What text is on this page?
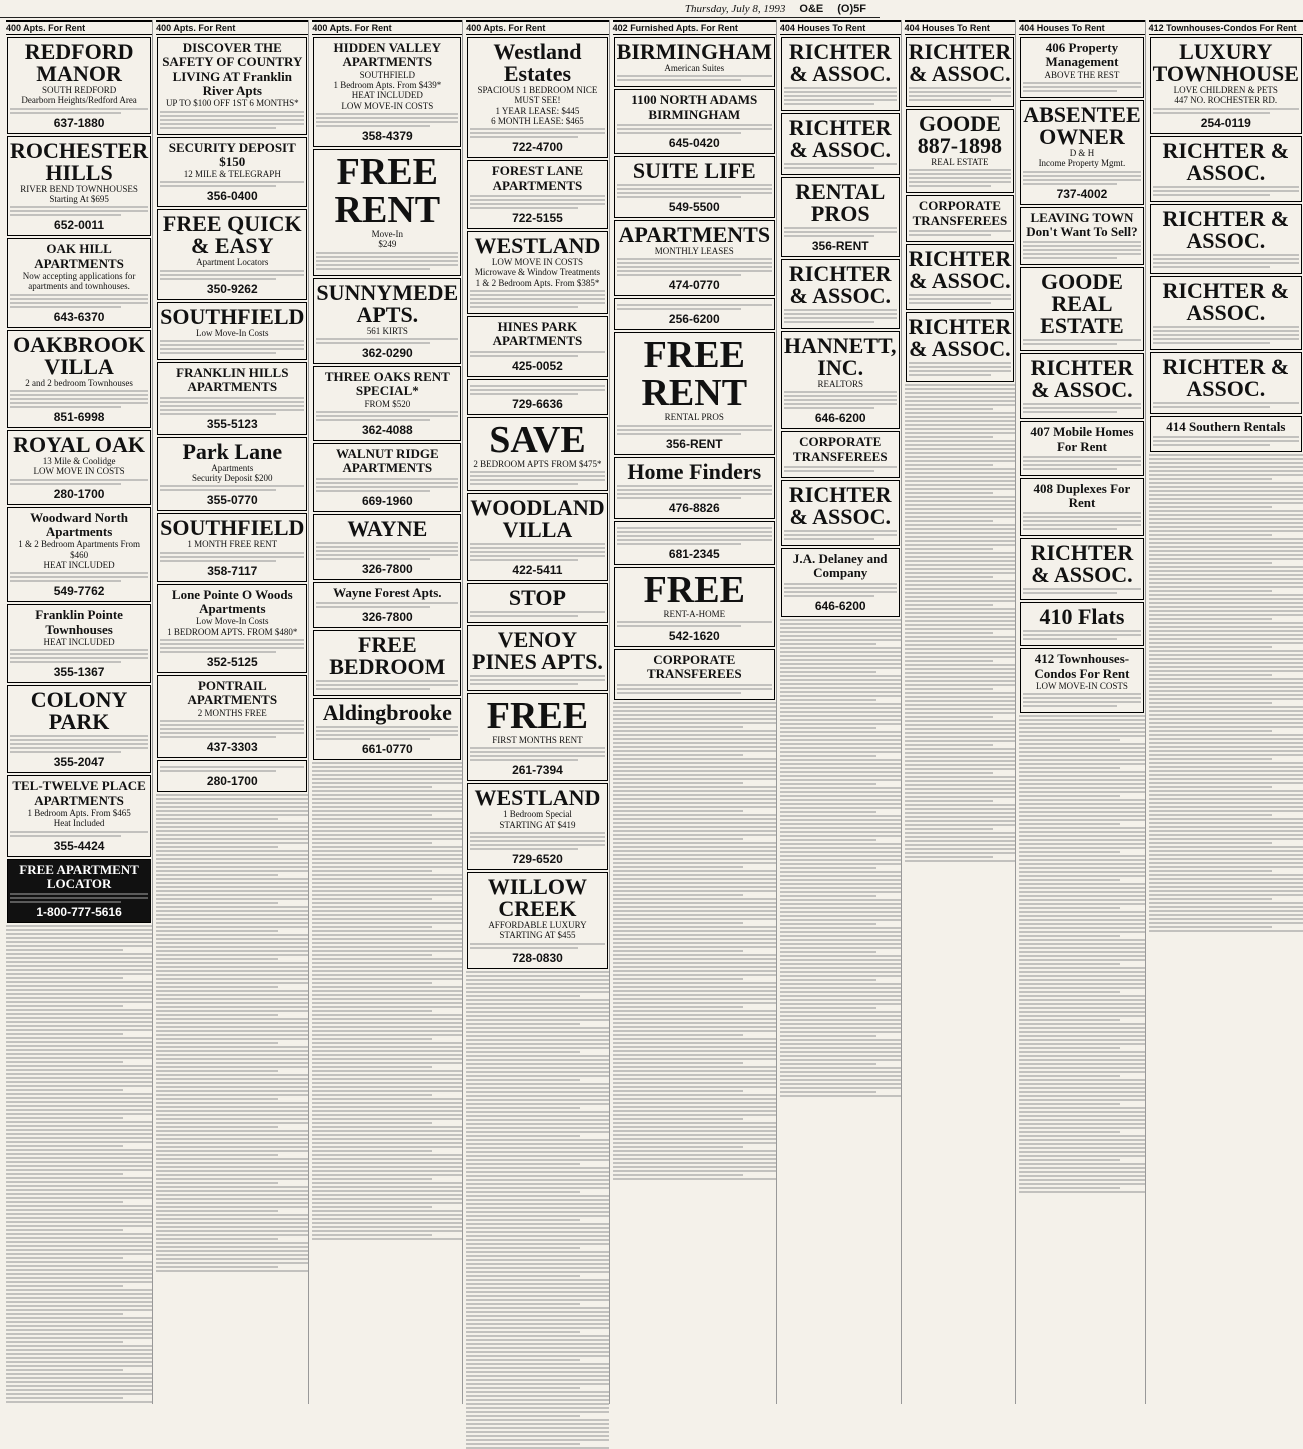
Thursday, July 8, 1993 O&E (O)5F
400 Apts. For Rent
REDFORD MANOR
SOUTH REDFORD
Dearborn Heights/Redford Area
637-1880
ROCHESTER HILLS
RIVER BEND TOWNHOUSES
Starting At $695
652-0011
OAK HILL APARTMENTS
Now accepting applications for apartments and townhouses.
643-6370
OAKBROOK VILLA
2 and 2 bedroom Townhouses
851-6998
ROYAL OAK
13 Mile & Coolidge
LOW MOVE IN COSTS
280-1700
Woodward North Apartments
1 & 2 Bedroom Apartments From $460
HEAT INCLUDED
549-7762
Franklin Pointe Townhouses
HEAT INCLUDED
355-1367
COLONY PARK
355-2047
TEL-TWELVE PLACE APARTMENTS
1 Bedroom Apts. From $465
Heat Included
355-4424
FREE APARTMENT LOCATOR
1-800-777-5616
400 Apts. For Rent
DISCOVER THE SAFETY OF COUNTRY LIVING AT Franklin River Apts
UP TO $100 OFF 1ST 6 MONTHS*
SECURITY DEPOSIT $150
12 MILE & TELEGRAPH
356-0400
FREE QUICK & EASY
Apartment Locators
350-9262
SOUTHFIELD
Low Move-In Costs
FRANKLIN HILLS APARTMENTS
355-5123
Park Lane
Apartments
Security Deposit $200
355-0770
SOUTHFIELD
1 MONTH FREE RENT
358-7117
Lone Pointe O Woods Apartments
Low Move-In Costs
1 BEDROOM APTS. FROM $480*
352-5125
PONTRAIL APARTMENTS
2 MONTHS FREE
437-3303
280-1700
400 Apts. For Rent
HIDDEN VALLEY APARTMENTS
SOUTHFIELD
1 Bedroom Apts. From $439*
HEAT INCLUDED
LOW MOVE-IN COSTS
358-4379
FREE RENT
Move-In
$249
SUNNYMEDE APTS.
561 KIRTS
362-0290
THREE OAKS RENT SPECIAL*
FROM $520
362-4088
WALNUT RIDGE APARTMENTS
669-1960
WAYNE
326-7800
Wayne Forest Apts.
326-7800
FREE BEDROOM
Aldingbrooke
661-0770
400 Apts. For Rent
Westland Estates
SPACIOUS 1 BEDROOM NICE MUST SEE!
1 YEAR LEASE: $445
6 MONTH LEASE: $465
722-4700
FOREST LANE APARTMENTS
722-5155
WESTLAND
LOW MOVE IN COSTS
Microwave & Window Treatments
1 & 2 Bedroom Apts. From $385*
HINES PARK APARTMENTS
425-0052
729-6636
SAVE
2 BEDROOM APTS FROM $475*
WOODLAND VILLA
422-5411
STOP
VENOY PINES APTS.
FREE
FIRST MONTHS RENT
261-7394
WESTLAND
1 Bedroom Special
STARTING AT $419
729-6520
WILLOW CREEK
AFFORDABLE LUXURY
STARTING AT $455
728-0830
402 Furnished Apts. For Rent
BIRMINGHAM
American Suites
1100 NORTH ADAMS BIRMINGHAM
645-0420
SUITE LIFE
549-5500
APARTMENTS
MONTHLY LEASES
474-0770
256-6200
FREE RENT
RENTAL PROS
356-RENT
Home Finders
476-8826
681-2345
FREE
RENT-A-HOME
542-1620
CORPORATE TRANSFEREES
404 Houses To Rent
RICHTER & ASSOC.
RICHTER & ASSOC.
RENTAL PROS
356-RENT
RICHTER & ASSOC.
HANNETT, INC.
REALTORS
646-6200
CORPORATE TRANSFEREES
RICHTER & ASSOC.
J.A. Delaney and Company
646-6200
404 Houses To Rent
RICHTER & ASSOC.
GOODE 887-1898
REAL ESTATE
CORPORATE TRANSFEREES
RICHTER & ASSOC.
RICHTER & ASSOC.
404 Houses To Rent
406 Property Management
ABOVE THE REST
ABSENTEE OWNER
D & H
Income Property Mgmt.
737-4002
LEAVING TOWN Don't Want To Sell?
GOODE REAL ESTATE
RICHTER & ASSOC.
407 Mobile Homes For Rent
408 Duplexes For Rent
RICHTER & ASSOC.
410 Flats
412 Townhouses-Condos For Rent
LOW MOVE-IN COSTS
412 Townhouses-Condos For Rent
LUXURY TOWNHOUSE
LOVE CHILDREN & PETS
447 NO. ROCHESTER RD.
254-0119
RICHTER & ASSOC.
RICHTER & ASSOC.
RICHTER & ASSOC.
RICHTER & ASSOC.
414 Southern Rentals
